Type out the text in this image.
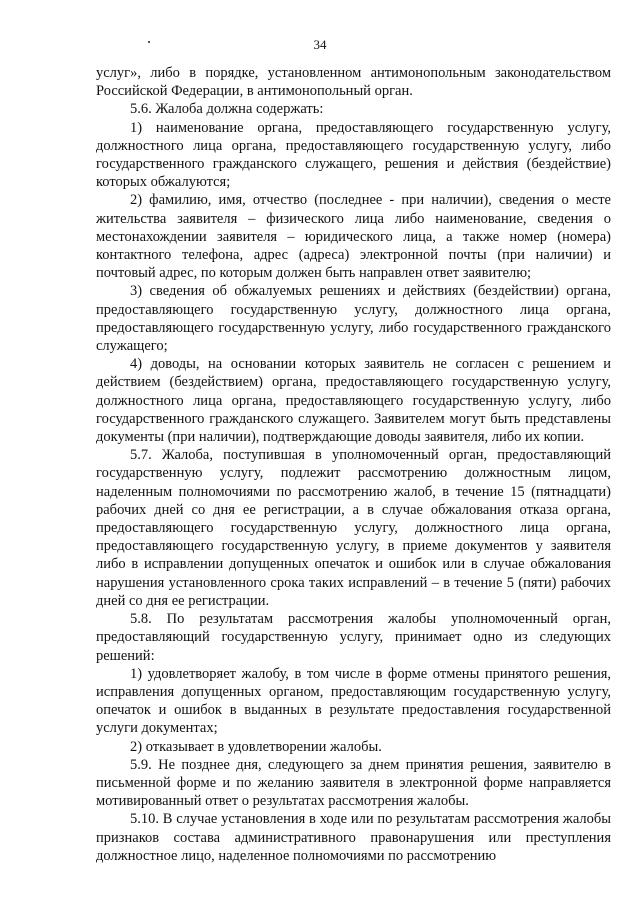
34

услуг», либо в порядке, установленном антимонопольным законодательством Российской Федерации, в антимонопольный орган.

5.6. Жалоба должна содержать:

1) наименование органа, предоставляющего государственную услугу, должностного лица органа, предоставляющего государственную услугу, либо государственного гражданского служащего, решения и действия (бездействие) которых обжалуются;

2) фамилию, имя, отчество (последнее - при наличии), сведения о месте жительства заявителя – физического лица либо наименование, сведения о местонахождении заявителя – юридического лица, а также номер (номера) контактного телефона, адрес (адреса) электронной почты (при наличии) и почтовый адрес, по которым должен быть направлен ответ заявителю;

3) сведения об обжалуемых решениях и действиях (бездействии) органа, предоставляющего государственную услугу, должностного лица органа, предоставляющего государственную услугу, либо государственного гражданского служащего;

4) доводы, на основании которых заявитель не согласен с решением и действием (бездействием) органа, предоставляющего государственную услугу, должностного лица органа, предоставляющего государственную услугу, либо государственного гражданского служащего. Заявителем могут быть представлены документы (при наличии), подтверждающие доводы заявителя, либо их копии.

5.7. Жалоба, поступившая в уполномоченный орган, предоставляющий государственную услугу, подлежит рассмотрению должностным лицом, наделенным полномочиями по рассмотрению жалоб, в течение 15 (пятнадцати) рабочих дней со дня ее регистрации, а в случае обжалования отказа органа, предоставляющего государственную услугу, должностного лица органа, предоставляющего государственную услугу, в приеме документов у заявителя либо в исправлении допущенных опечаток и ошибок или в случае обжалования нарушения установленного срока таких исправлений – в течение 5 (пяти) рабочих дней со дня ее регистрации.

5.8. По результатам рассмотрения жалобы уполномоченный орган, предоставляющий государственную услугу, принимает одно из следующих решений:

1) удовлетворяет жалобу, в том числе в форме отмены принятого решения, исправления допущенных органом, предоставляющим государственную услугу, опечаток и ошибок в выданных в результате предоставления государственной услуги документах;

2) отказывает в удовлетворении жалобы.

5.9. Не позднее дня, следующего за днем принятия решения, заявителю в письменной форме и по желанию заявителя в электронной форме направляется мотивированный ответ о результатах рассмотрения жалобы.

5.10. В случае установления в ходе или по результатам рассмотрения жалобы признаков состава административного правонарушения или преступления должностное лицо, наделенное полномочиями по рассмотрению
